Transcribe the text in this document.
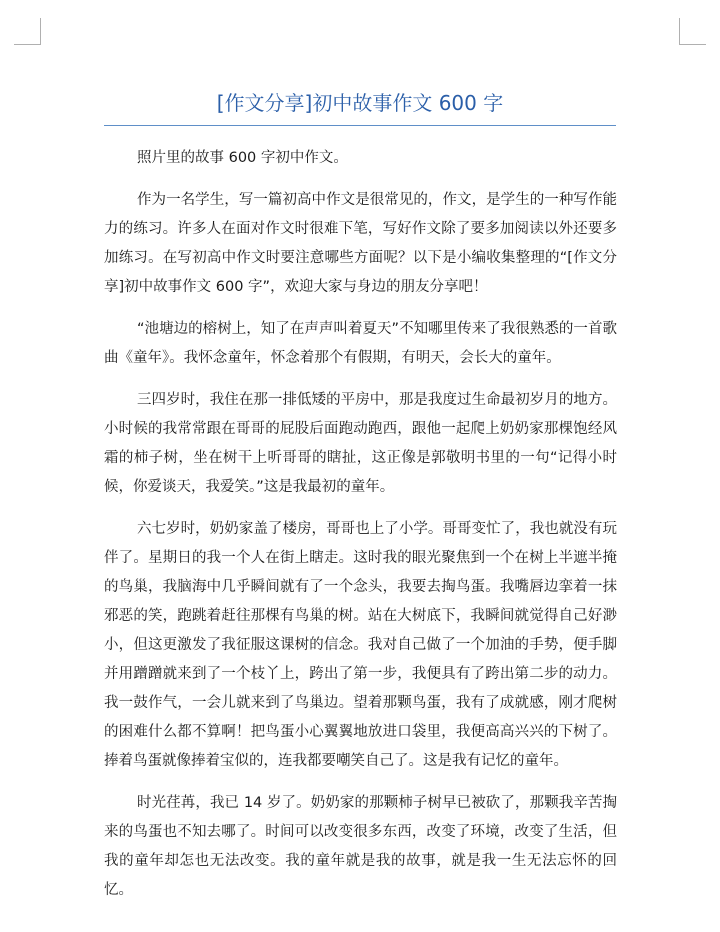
[作文分享]初中故事作文 600 字

照片里的故事 600 字初中作文。

作为一名学生，写一篇初高中作文是很常见的，作文，是学生的一种写作能力的练习。许多人在面对作文时很难下笔，写好作文除了要多加阅读以外还要多加练习。在写初高中作文时要注意哪些方面呢？以下是小编收集整理的“[作文分享]初中故事作文 600 字”，欢迎大家与身边的朋友分享吧！

“池塘边的榕树上，知了在声声叫着夏天”不知哪里传来了我很熟悉的一首歌曲《童年》。我怀念童年，怀念着那个有假期，有明天，会长大的童年。

三四岁时，我住在那一排低矮的平房中，那是我度过生命最初岁月的地方。小时候的我常常跟在哥哥的屁股后面跑动跑西，跟他一起爬上奶奶家那棵饱经风霜的柿子树，坐在树干上听哥哥的瞎扯，这正像是郭敬明书里的一句“记得小时候，你爱谈天，我爱笑。”这是我最初的童年。

六七岁时，奶奶家盖了楼房，哥哥也上了小学。哥哥变忙了，我也就没有玩伴了。星期日的我一个人在街上瞎走。这时我的眼光聚焦到一个在树上半遮半掩的鸟巢，我脑海中几乎瞬间就有了一个念头，我要去掏鸟蛋。我嘴唇边挛着一抹邪恶的笑，跑跳着赶往那棵有鸟巢的树。站在大树底下，我瞬间就觉得自己好渺小，但这更激发了我征服这课树的信念。我对自己做了一个加油的手势，便手脚并用蹭蹭就来到了一个枝丫上，跨出了第一步，我便具有了跨出第二步的动力。我一鼓作气，一会儿就来到了鸟巢边。望着那颗鸟蛋，我有了成就感，刚才爬树的困难什么都不算啊！把鸟蛋小心翼翼地放进口袋里，我便高高兴兴的下树了。捧着鸟蛋就像捧着宝似的，连我都要嘲笑自己了。这是我有记忆的童年。

时光荏苒，我已 14 岁了。奶奶家的那颗柿子树早已被砍了，那颗我辛苦掏来的鸟蛋也不知去哪了。时间可以改变很多东西，改变了环境，改变了生活，但我的童年却怎也无法改变。我的童年就是我的故事，就是我一生无法忘怀的回忆。
